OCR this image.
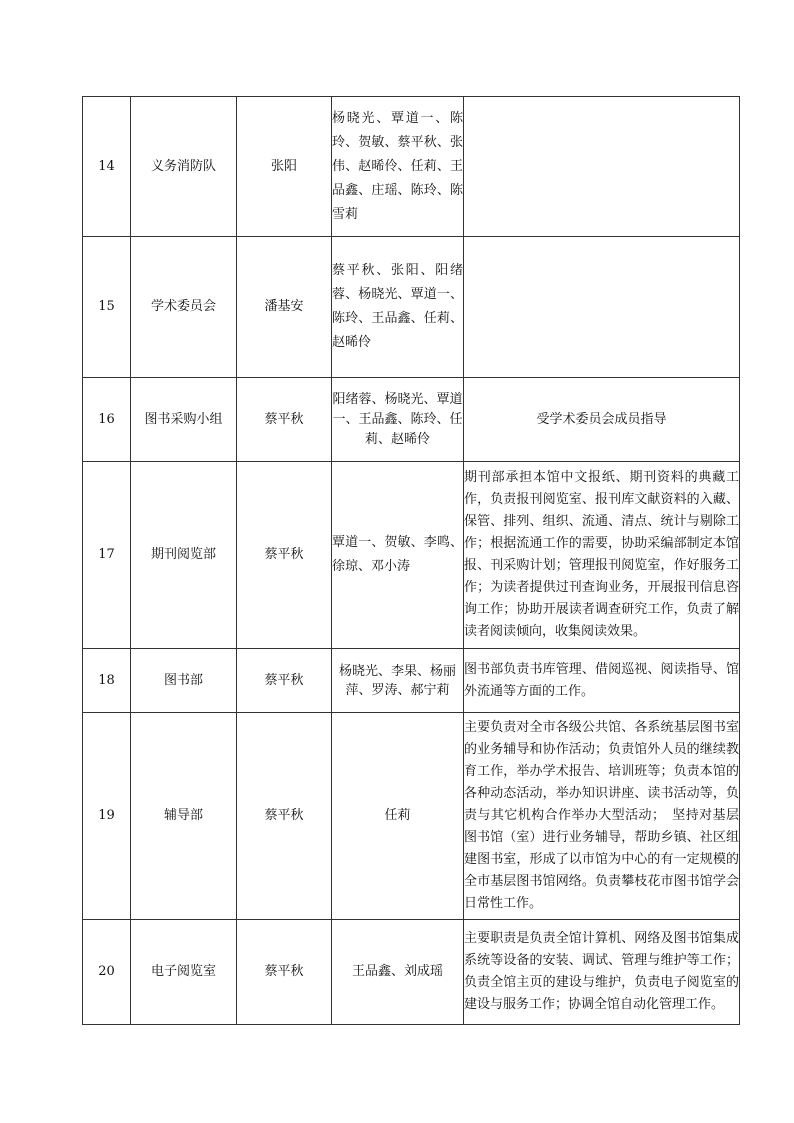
14	义务消防队	张阳	杨晓光、覃道一、陈玲、贺敏、蔡平秋、张伟、赵晞伶、任莉、王品鑫、庄瑶、陈玲、陈雪莉	
15	学术委员会	潘基安	蔡平秋、张阳、阳绪蓉、杨晓光、覃道一、陈玲、王品鑫、任莉、赵晞伶	
16	图书采购小组	蔡平秋	阳绪蓉、杨晓光、覃道一、王品鑫、陈玲、任莉、赵晞伶	受学术委员会成员指导
17	期刊阅览部	蔡平秋	覃道一、贺敏、李鸣、徐琼、邓小涛	期刊部承担本馆中文报纸、期刊资料的典藏工作，负责报刊阅览室、报刊库文献资料的入藏、保管、排列、组织、流通、清点、统计与剔除工作；根据流通工作的需要，协助采编部制定本馆报、刊采购计划；管理报刊阅览室，作好服务工作；为读者提供过刊查询业务，开展报刊信息咨询工作；协助开展读者调查研究工作，负责了解读者阅读倾向，收集阅读效果。
18	图书部	蔡平秋	杨晓光、李果、杨丽萍、罗涛、郝宁莉	图书部负责书库管理、借阅巡视、阅读指导、馆外流通等方面的工作。
19	辅导部	蔡平秋	任莉	主要负责对全市各级公共馆、各系统基层图书室的业务辅导和协作活动；负责馆外人员的继续教育工作，举办学术报告、培训班等；负责本馆的各种动态活动，举办知识讲座、读书活动等，负责与其它机构合作举办大型活动；　坚持对基层图书馆（室）进行业务辅导，帮助乡镇、社区组建图书室，形成了以市馆为中心的有一定规模的全市基层图书馆网络。负责攀枝花市图书馆学会日常性工作。
20	电子阅览室	蔡平秋	王品鑫、刘成瑶	主要职责是负责全馆计算机、网络及图书馆集成系统等设备的安装、调试、管理与维护等工作；负责全馆主页的建设与维护，负责电子阅览室的建设与服务工作；协调全馆自动化管理工作。
